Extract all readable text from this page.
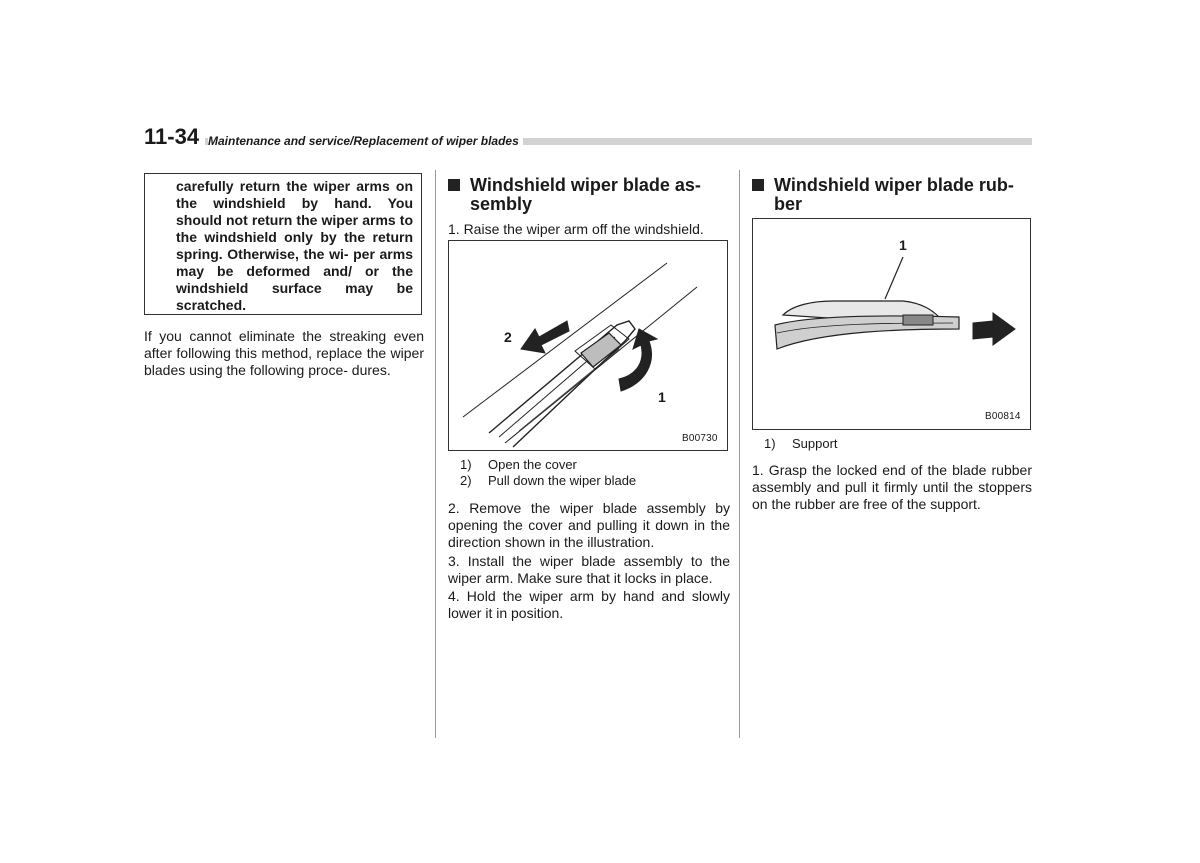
11-34 Maintenance and service/Replacement of wiper blades
carefully return the wiper arms on the windshield by hand. You should not return the wiper arms to the windshield only by the return spring. Otherwise, the wi- per arms may be deformed and/ or the windshield surface may be scratched.
If you cannot eliminate the streaking even after following this method, replace the wiper blades using the following proce- dures.
Windshield wiper blade as- sembly
1. Raise the wiper arm off the windshield.
2
1
B00730
1)	Open the cover
2)	Pull down the wiper blade
2. Remove the wiper blade assembly by opening the cover and pulling it down in the direction shown in the illustration.
3. Install the wiper blade assembly to the wiper arm. Make sure that it locks in place.
4. Hold the wiper arm by hand and slowly lower it in position.
Windshield wiper blade rub- ber
1
B00814
1)	Support
1. Grasp the locked end of the blade rubber assembly and pull it firmly until the stoppers on the rubber are free of the support.
